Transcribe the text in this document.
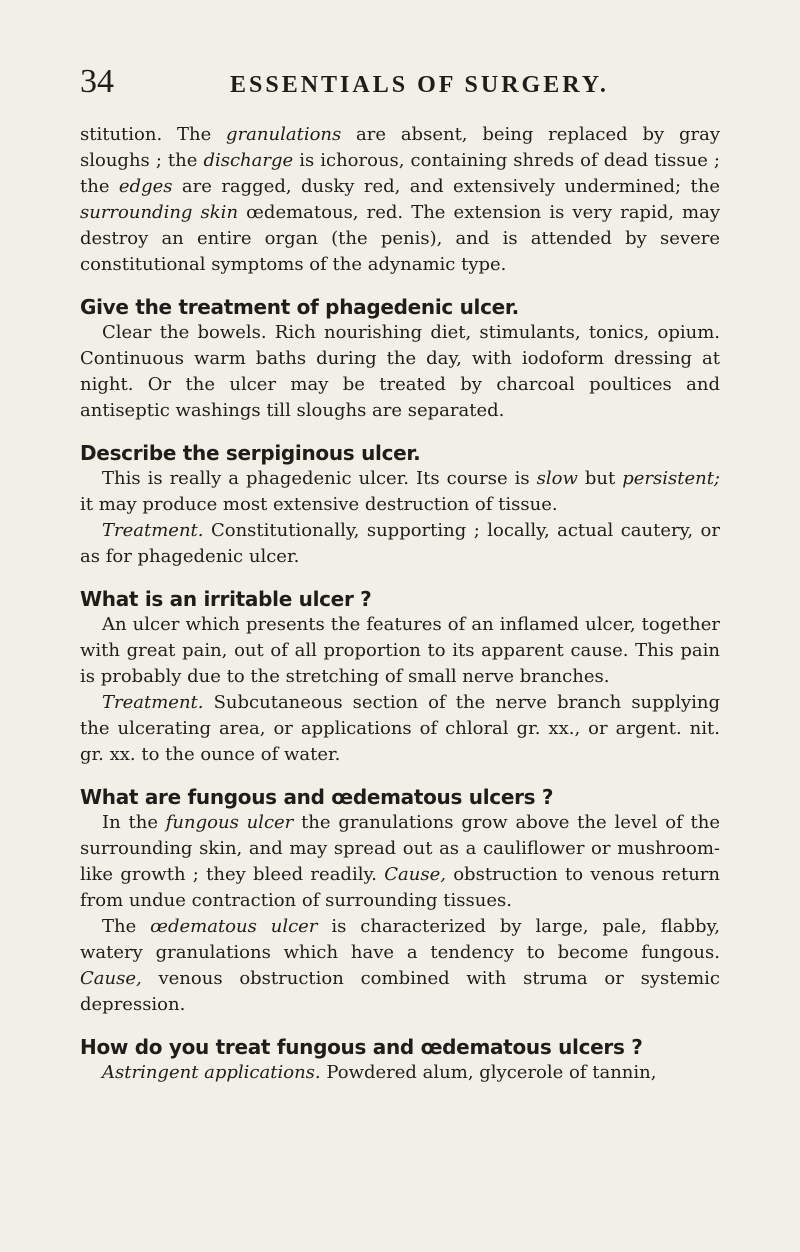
34	ESSENTIALS OF SURGERY.

stitution. The granulations are absent, being replaced by gray sloughs ; the discharge is ichorous, containing shreds of dead tissue ; the edges are ragged, dusky red, and extensively undermined; the surrounding skin œdematous, red. The extension is very rapid, may destroy an entire organ (the penis), and is attended by severe constitutional symptoms of the adynamic type.

Give the treatment of phagedenic ulcer.

Clear the bowels. Rich nourishing diet, stimulants, tonics, opium. Continuous warm baths during the day, with iodoform dressing at night. Or the ulcer may be treated by charcoal poultices and antiseptic washings till sloughs are separated.

Describe the serpiginous ulcer.

This is really a phagedenic ulcer. Its course is slow but persistent; it may produce most extensive destruction of tissue.

Treatment. Constitutionally, supporting ; locally, actual cautery, or as for phagedenic ulcer.

What is an irritable ulcer ?

An ulcer which presents the features of an inflamed ulcer, together with great pain, out of all proportion to its apparent cause. This pain is probably due to the stretching of small nerve branches.

Treatment. Subcutaneous section of the nerve branch supplying the ulcerating area, or applications of chloral gr. xx., or argent. nit. gr. xx. to the ounce of water.

What are fungous and œdematous ulcers ?

In the fungous ulcer the granulations grow above the level of the surrounding skin, and may spread out as a cauliflower or mushroom-like growth ; they bleed readily. Cause, obstruction to venous return from undue contraction of surrounding tissues.

The œdematous ulcer is characterized by large, pale, flabby, watery granulations which have a tendency to become fungous. Cause, venous obstruction combined with struma or systemic depression.

How do you treat fungous and œdematous ulcers ?

Astringent applications. Powdered alum, glycerole of tannin,
